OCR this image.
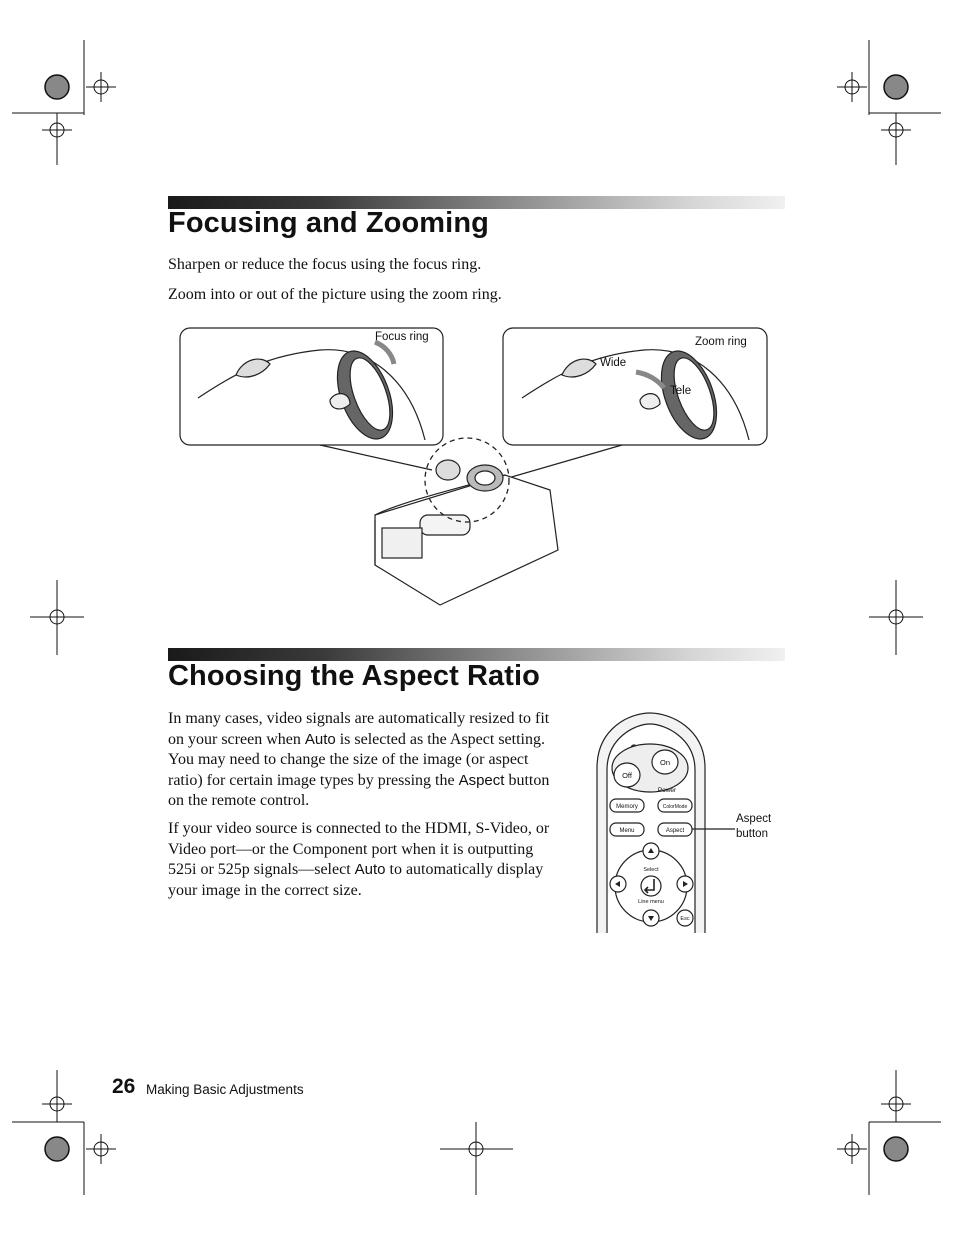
Focusing and Zooming

Sharpen or reduce the focus using the focus ring.

Zoom into or out of the picture using the zoom ring.

Focus ring	Zoom ring
Wide
Tele
Choosing the Aspect Ratio

In many cases, video signals are automatically resized to fit on your screen when Auto is selected as the Aspect setting. You may need to change the size of the image (or aspect ratio) for certain image types by pressing the Aspect button on the remote control.

If your video source is connected to the HDMI, S-Video, or Video port—or the Component port when it is outputting 525i or 525p signals—select Auto to automatically display your image in the correct size.

Off
On
Power
Memory	ColorMode
Menu	Aspect
Select
Line menu
Esc
Aspect
button
26 Making Basic Adjustments
